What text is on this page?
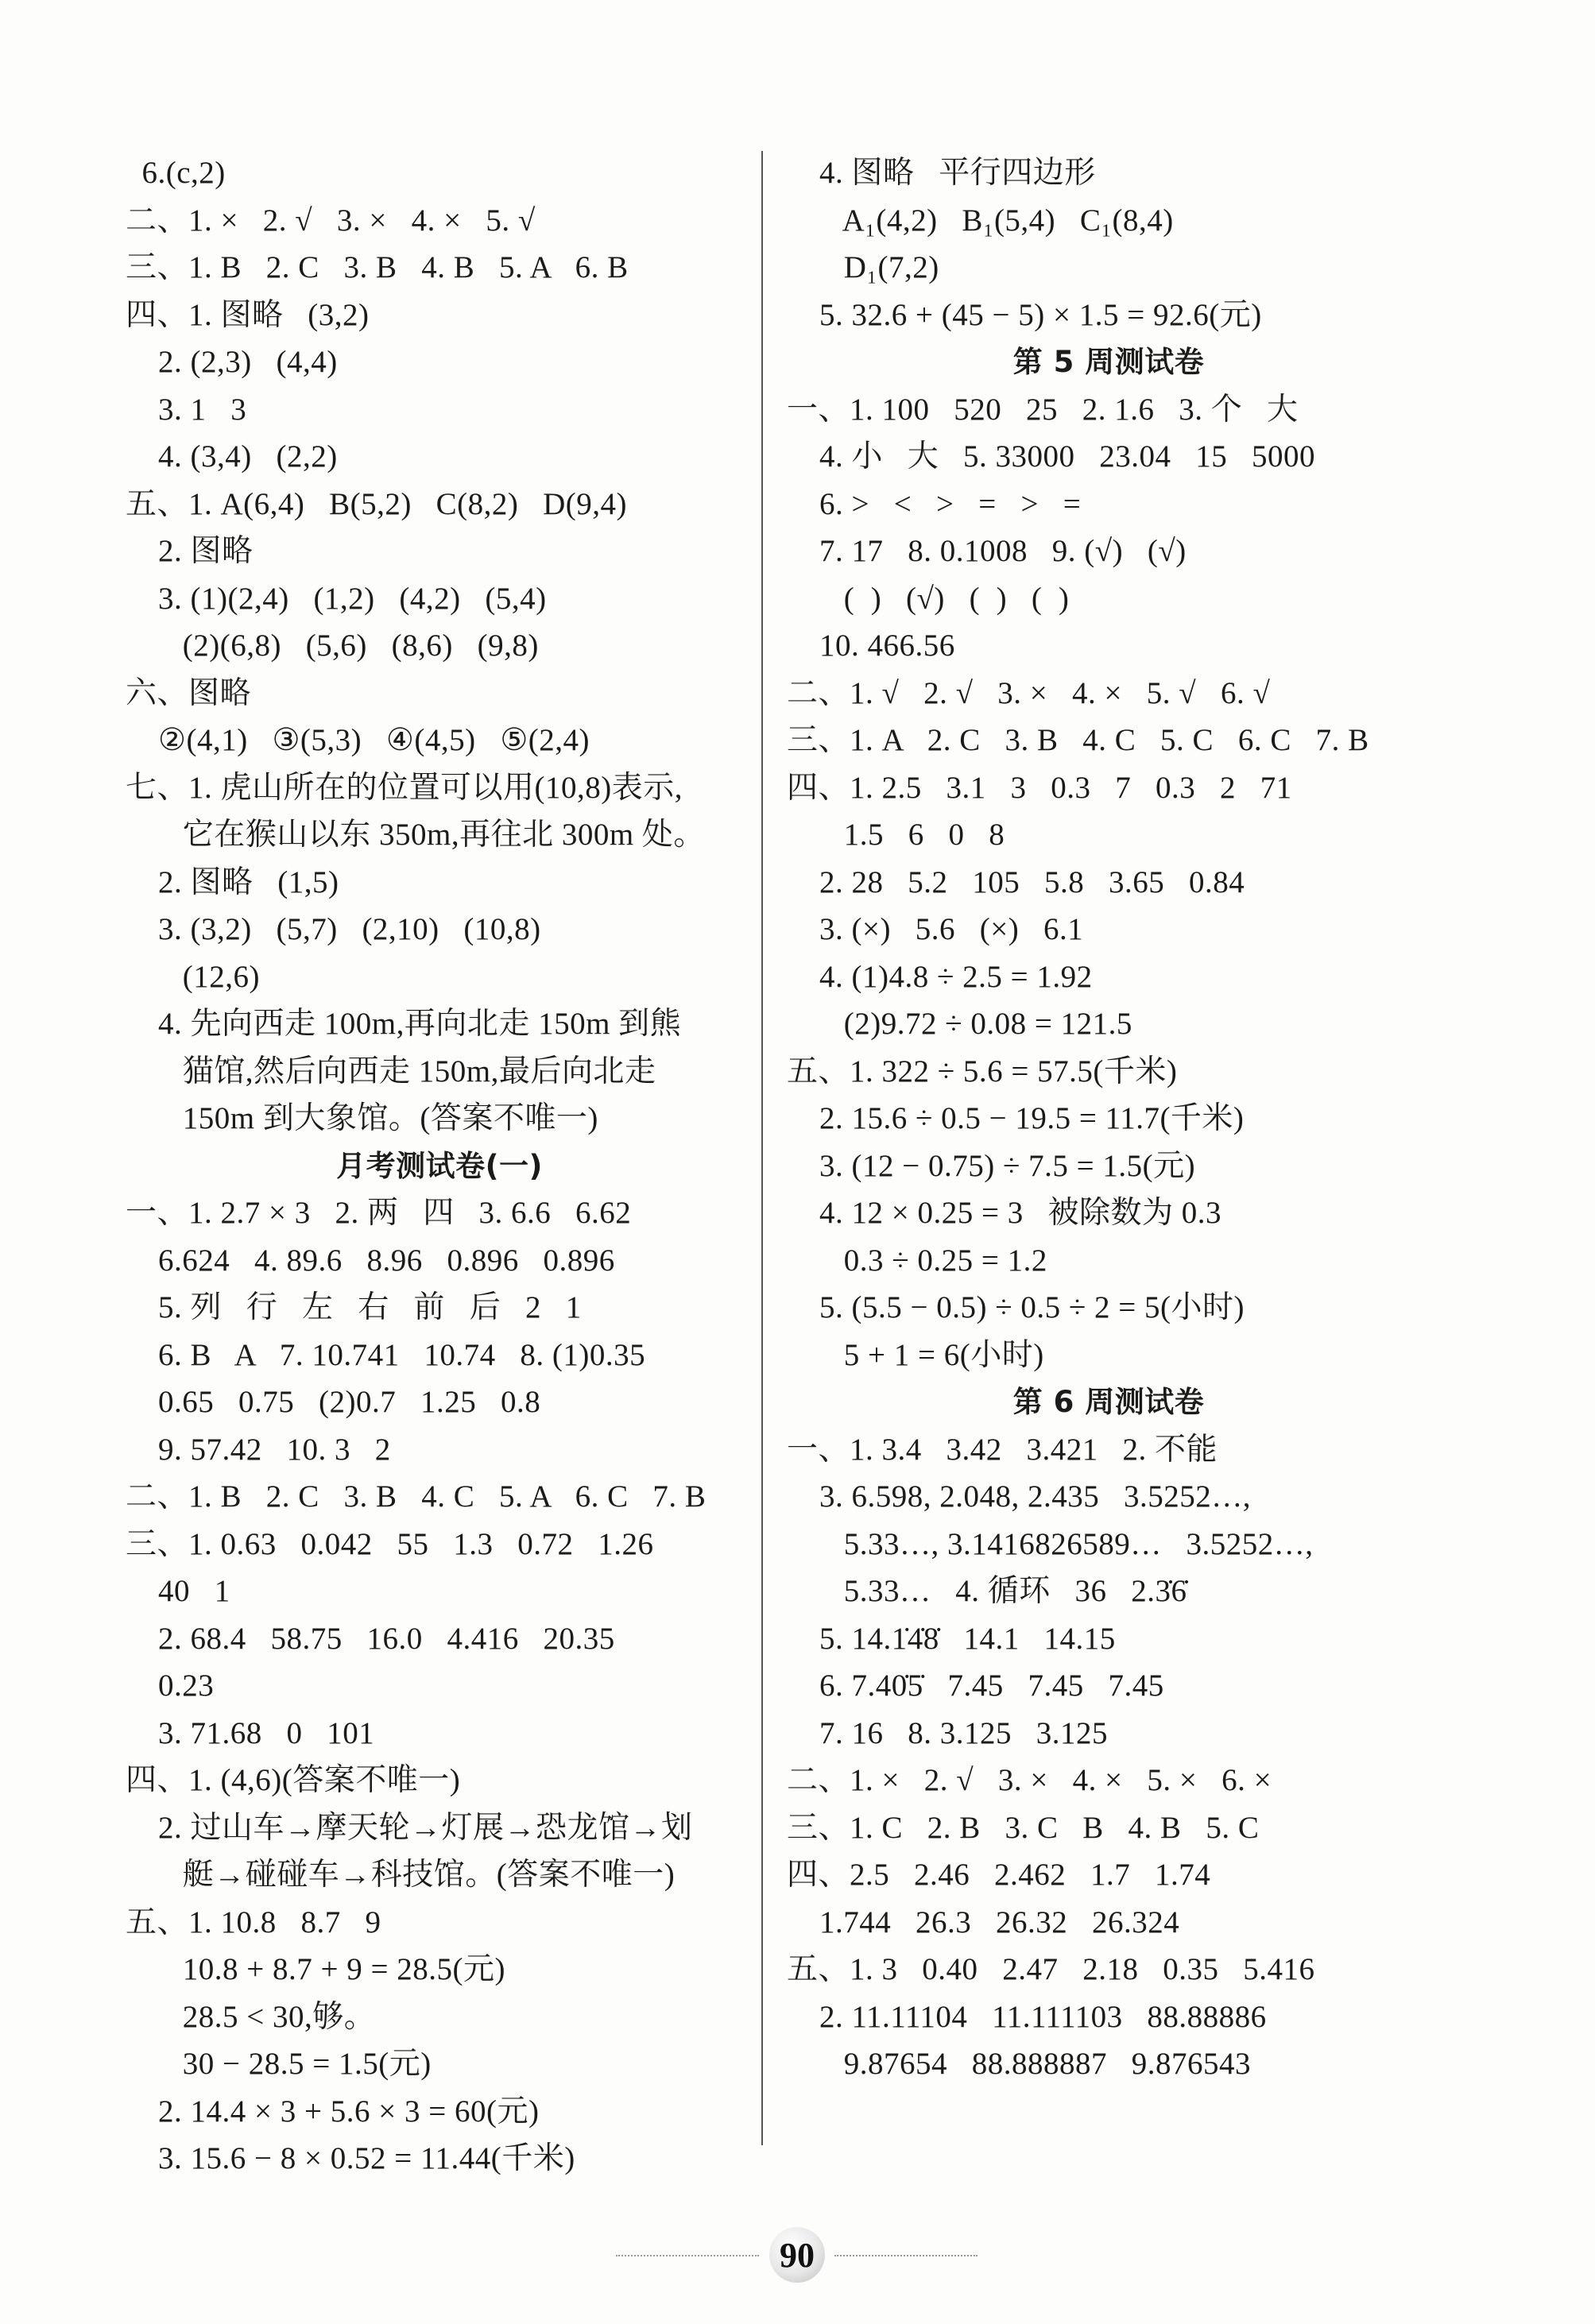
6.(c,2)
二、1. ×   2. √   3. ×   4. ×   5. √
三、1. B   2. C   3. B   4. B   5. A   6. B
四、1. 图略   (3,2)
2. (2,3)   (4,4)
3. 1   3
4. (3,4)   (2,2)
五、1. A(6,4)   B(5,2)   C(8,2)   D(9,4)
2. 图略
3. (1)(2,4)   (1,2)   (4,2)   (5,4)
(2)(6,8)   (5,6)   (8,6)   (9,8)
六、图略
②(4,1)   ③(5,3)   ④(4,5)   ⑤(2,4)
七、1. 虎山所在的位置可以用(10,8)表示,
它在猴山以东 350m,再往北 300m 处。
2. 图略   (1,5)
3. (3,2)   (5,7)   (2,10)   (10,8)
(12,6)
4. 先向西走 100m,再向北走 150m 到熊
猫馆,然后向西走 150m,最后向北走
150m 到大象馆。(答案不唯一)
月考测试卷(一)
一、1. 2.7 × 3   2. 两   四   3. 6.6   6.62
6.624   4. 89.6   8.96   0.896   0.896
5. 列   行   左   右   前   后   2   1
6. B   A   7. 10.741   10.74   8. (1)0.35
0.65   0.75   (2)0.7   1.25   0.8
9. 57.42   10. 3   2
二、1. B   2. C   3. B   4. C   5. A   6. C   7. B
三、1. 0.63   0.042   55   1.3   0.72   1.26
40   1
2. 68.4   58.75   16.0   4.416   20.35
0.23
3. 71.68   0   101
四、1. (4,6)(答案不唯一)
2. 过山车→摩天轮→灯展→恐龙馆→划
艇→碰碰车→科技馆。(答案不唯一)
五、1. 10.8   8.7   9
10.8 + 8.7 + 9 = 28.5(元)
28.5 < 30,够。
30 − 28.5 = 1.5(元)
2. 14.4 × 3 + 5.6 × 3 = 60(元)
3. 15.6 − 8 × 0.52 = 11.44(千米)
4. 图略   平行四边形
A₁(4,2)   B₁(5,4)   C₁(8,4)
D₁(7,2)
5. 32.6 + (45 − 5) × 1.5 = 92.6(元)
第 5 周测试卷
一、1. 100   520   25   2. 1.6   3. 个   大
4. 小   大   5. 33000   23.04   15   5000
6. >   <   >   =   >   =
7. 17   8. 0.1008   9. (√)   (√)
(  )   (√)   (  )   (  )
10. 466.56
二、1. √   2. √   3. ×   4. ×   5. √   6. √
三、1. A   2. C   3. B   4. C   5. C   6. C   7. B
四、1. 2.5   3.1   3   0.3   7   0.3   2   71
1.5   6   0   8
2. 28   5.2   105   5.8   3.65   0.84
3. (×)   5.6   (×)   6.1
4. (1)4.8 ÷ 2.5 = 1.92
(2)9.72 ÷ 0.08 = 121.5
五、1. 322 ÷ 5.6 = 57.5(千米)
2. 15.6 ÷ 0.5 − 19.5 = 11.7(千米)
3. (12 − 0.75) ÷ 7.5 = 1.5(元)
4. 12 × 0.25 = 3   被除数为 0.3
0.3 ÷ 0.25 = 1.2
5. (5.5 − 0.5) ÷ 0.5 ÷ 2 = 5(小时)
5 + 1 = 6(小时)
第 6 周测试卷
一、1. 3.4   3.42   3.421   2. 不能
3. 6.598, 2.048, 2.435   3.5252…,
5.33…, 3.1416826589…   3.5252…,
5.33…   4. 循环   36   2.3̇6̇
5. 14.1̇4̇8̇   14.1   14.15
6. 7.40̇5̇   7.45   7.45   7.45
7. 16   8. 3.125   3.125
二、1. ×   2. √   3. ×   4. ×   5. ×   6. ×
三、1. C   2. B   3. C   B   4. B   5. C
四、2.5   2.46   2.462   1.7   1.74
1.744   26.3   26.32   26.324
五、1. 3   0.40   2.47   2.18   0.35   5.416
2. 11.11104   11.111103   88.88886
9.87654   88.888887   9.876543
90
